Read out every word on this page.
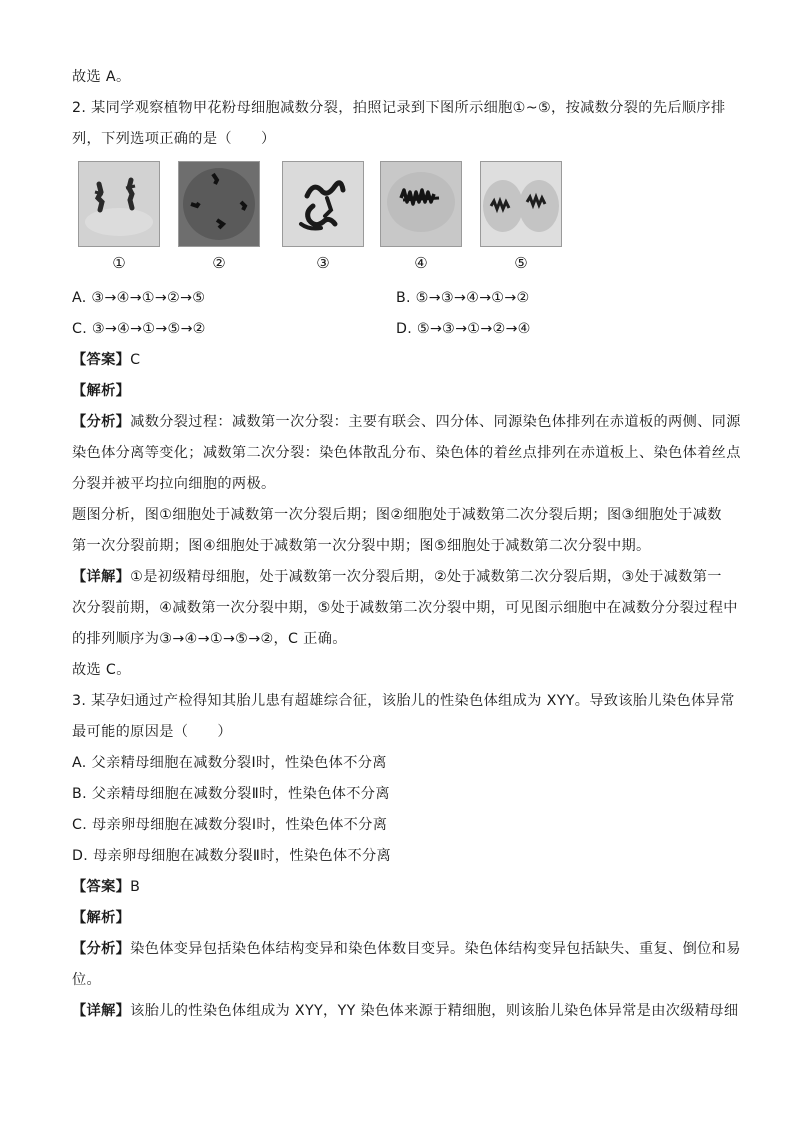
故选 A。
2. 某同学观察植物甲花粉母细胞减数分裂，拍照记录到下图所示细胞①~⑤，按减数分裂的先后顺序排
列，下列选项正确的是（　　）
①	②	③	④	⑤
A. ③→④→①→②→⑤	B. ⑤→③→④→①→②
C. ③→④→①→⑤→②	D. ⑤→③→①→②→④
【答案】C
【解析】
【分析】减数分裂过程：减数第一次分裂：主要有联会、四分体、同源染色体排列在赤道板的两侧、同源
染色体分离等变化；减数第二次分裂：染色体散乱分布、染色体的着丝点排列在赤道板上、染色体着丝点
分裂并被平均拉向细胞的两极。
题图分析，图①细胞处于减数第一次分裂后期；图②细胞处于减数第二次分裂后期；图③细胞处于减数
第一次分裂前期；图④细胞处于减数第一次分裂中期；图⑤细胞处于减数第二次分裂中期。
【详解】①是初级精母细胞，处于减数第一次分裂后期，②处于减数第二次分裂后期，③处于减数第一
次分裂前期，④减数第一次分裂中期，⑤处于减数第二次分裂中期，可见图示细胞中在减数分分裂过程中
的排列顺序为③→④→①→⑤→②，C 正确。
故选 C。
3. 某孕妇通过产检得知其胎儿患有超雄综合征，该胎儿的性染色体组成为 XYY。导致该胎儿染色体异常
最可能的原因是（　　）
A. 父亲精母细胞在减数分裂Ⅰ时，性染色体不分离
B. 父亲精母细胞在减数分裂Ⅱ时，性染色体不分离
C. 母亲卵母细胞在减数分裂Ⅰ时，性染色体不分离
D. 母亲卵母细胞在减数分裂Ⅱ时，性染色体不分离
【答案】B
【解析】
【分析】染色体变异包括染色体结构变异和染色体数目变异。染色体结构变异包括缺失、重复、倒位和易
位。
【详解】该胎儿的性染色体组成为 XYY，YY 染色体来源于精细胞，则该胎儿染色体异常是由次级精母细
